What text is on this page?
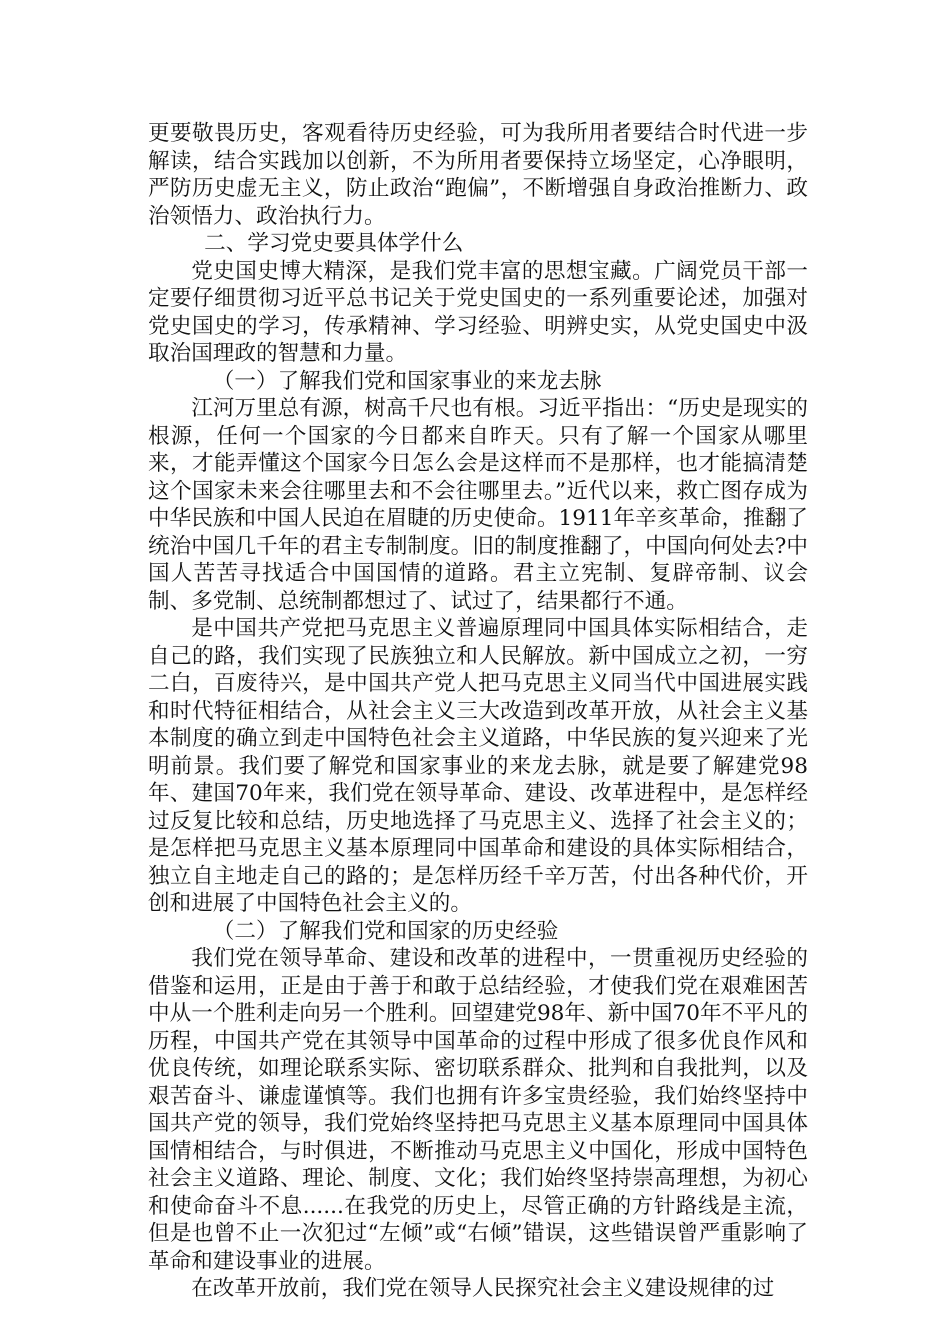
更要敬畏历史，客观看待历史经验，可为我所用者要结合时代进一步解读，结合实践加以创新，不为所用者要保持立场坚定，心净眼明，严防历史虚无主义，防止政治“跑偏”，不断增强自身政治推断力、政治领悟力、政治执行力。

二、学习党史要具体学什么

党史国史博大精深，是我们党丰富的思想宝藏。广阔党员干部一定要仔细贯彻习近平总书记关于党史国史的一系列重要论述，加强对党史国史的学习，传承精神、学习经验、明辨史实，从党史国史中汲取治国理政的智慧和力量。

（一）了解我们党和国家事业的来龙去脉

江河万里总有源，树高千尺也有根。习近平指出：“历史是现实的根源，任何一个国家的今日都来自昨天。只有了解一个国家从哪里来，才能弄懂这个国家今日怎么会是这样而不是那样，也才能搞清楚这个国家未来会往哪里去和不会往哪里去。”近代以来，救亡图存成为中华民族和中国人民迫在眉睫的历史使命。1911年辛亥革命，推翻了统治中国几千年的君主专制制度。旧的制度推翻了，中国向何处去?中国人苦苦寻找适合中国国情的道路。君主立宪制、复辟帝制、议会制、多党制、总统制都想过了、试过了，结果都行不通。

是中国共产党把马克思主义普遍原理同中国具体实际相结合，走自己的路，我们实现了民族独立和人民解放。新中国成立之初，一穷二白，百废待兴，是中国共产党人把马克思主义同当代中国进展实践和时代特征相结合，从社会主义三大改造到改革开放，从社会主义基本制度的确立到走中国特色社会主义道路，中华民族的复兴迎来了光明前景。我们要了解党和国家事业的来龙去脉，就是要了解建党98年、建国70年来，我们党在领导革命、建设、改革进程中，是怎样经过反复比较和总结，历史地选择了马克思主义、选择了社会主义的；是怎样把马克思主义基本原理同中国革命和建设的具体实际相结合，独立自主地走自己的路的；是怎样历经千辛万苦，付出各种代价，开创和进展了中国特色社会主义的。

（二）了解我们党和国家的历史经验

我们党在领导革命、建设和改革的进程中，一贯重视历史经验的借鉴和运用，正是由于善于和敢于总结经验，才使我们党在艰难困苦中从一个胜利走向另一个胜利。回望建党98年、新中国70年不平凡的历程，中国共产党在其领导中国革命的过程中形成了很多优良作风和优良传统，如理论联系实际、密切联系群众、批判和自我批判，以及艰苦奋斗、谦虚谨慎等。我们也拥有许多宝贵经验，我们始终坚持中国共产党的领导，我们党始终坚持把马克思主义基本原理同中国具体国情相结合，与时俱进，不断推动马克思主义中国化，形成中国特色社会主义道路、理论、制度、文化；我们始终坚持崇高理想，为初心和使命奋斗不息......在我党的历史上，尽管正确的方针路线是主流，但是也曾不止一次犯过“左倾”或“右倾”错误，这些错误曾严重影响了革命和建设事业的进展。

在改革开放前，我们党在领导人民探究社会主义建设规律的过
